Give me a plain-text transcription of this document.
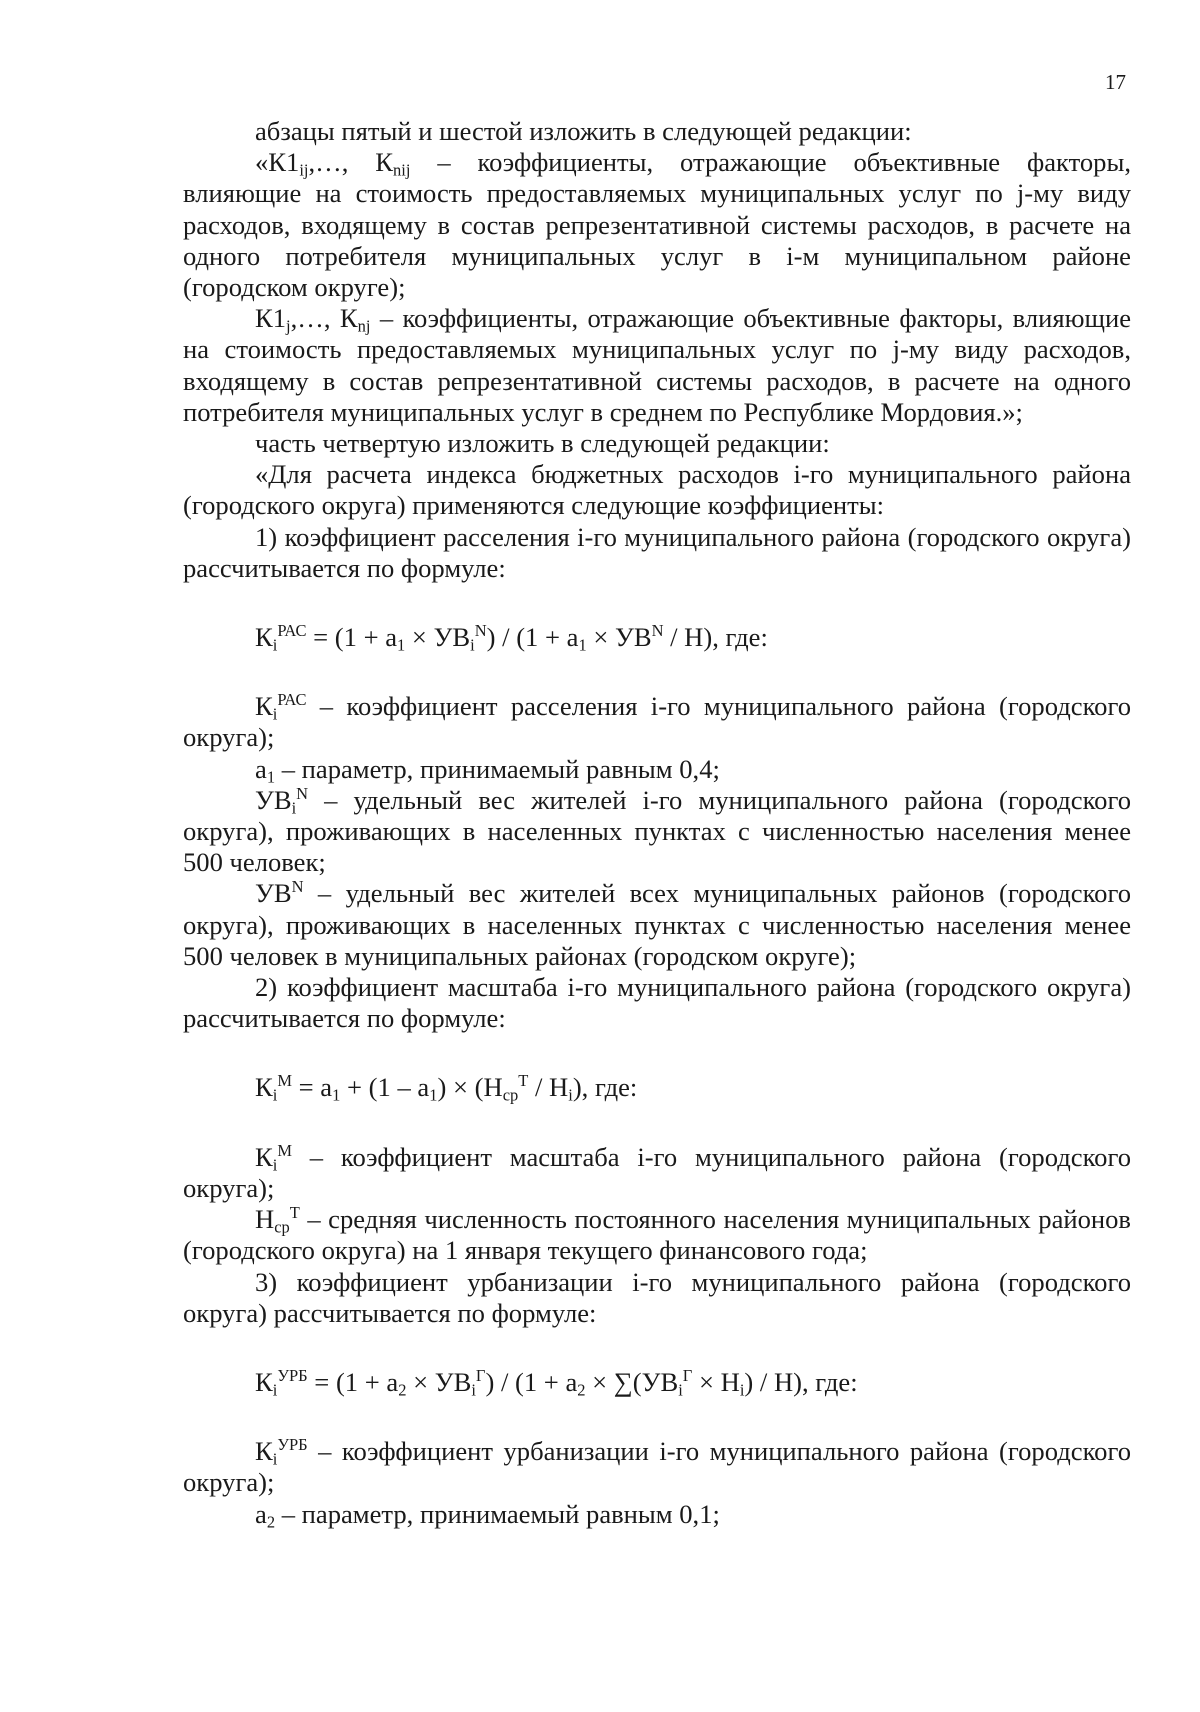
17

абзацы пятый и шестой изложить в следующей редакции:

«$К1_{ij},\dots$, $К_{nij}$ – коэффициенты, отражающие объективные факторы, влияющие на стоимость предоставляемых муниципальных услуг по j-му виду расходов, входящему в состав репрезентативной системы расходов, в расчете на одного потребителя муниципальных услуг в i-м муниципальном районе (городском округе);

$К1_j,\dots$, $К_{nj}$ – коэффициенты, отражающие объективные факторы, влияющие на стоимость предоставляемых муниципальных услуг по j-му виду расходов, входящему в состав репрезентативной системы расходов, в расчете на одного потребителя муниципальных услуг в среднем по Республике Мордовия.»;

часть четвертую изложить в следующей редакции:

«Для расчета индекса бюджетных расходов i-го муниципального района (городского округа) применяются следующие коэффициенты:

1) коэффициент расселения i-го муниципального района (городского округа) рассчитывается по формуле:

$К_i^{РАС} = (1 + a_1 \times УВ_i^N) / (1 + a_1 \times УВ^N / Н)$, где:

$К_i^{РАС}$ – коэффициент расселения i-го муниципального района (городского округа);

$a_1$ – параметр, принимаемый равным 0,4;

$УВ_i^N$ – удельный вес жителей i-го муниципального района (городского округа), проживающих в населенных пунктах с численностью населения менее 500 человек;

$УВ^N$ – удельный вес жителей всех муниципальных районов (городского округа), проживающих в населенных пунктах с численностью населения менее 500 человек в муниципальных районах (городском округе);

2) коэффициент масштаба i-го муниципального района (городского округа) рассчитывается по формуле:

$К_i^М = a_1 + (1 - a_1) \times (Н_{ср}^Т / Н_i)$, где:

$К_i^М$ – коэффициент масштаба i-го муниципального района (городского округа);

$Н_{ср}^Т$ – средняя численность постоянного населения муниципальных районов (городского округа) на 1 января текущего финансового года;

3) коэффициент урбанизации i-го муниципального района (городского округа) рассчитывается по формуле:

$К_i^{УРБ} = (1 + a_2 \times УВ_i^Г) / (1 + a_2 \times \sum(УВ_i^Г \times Н_i) / Н)$, где:

$К_i^{УРБ}$ – коэффициент урбанизации i-го муниципального района (городского округа);

$a_2$ – параметр, принимаемый равным 0,1;
